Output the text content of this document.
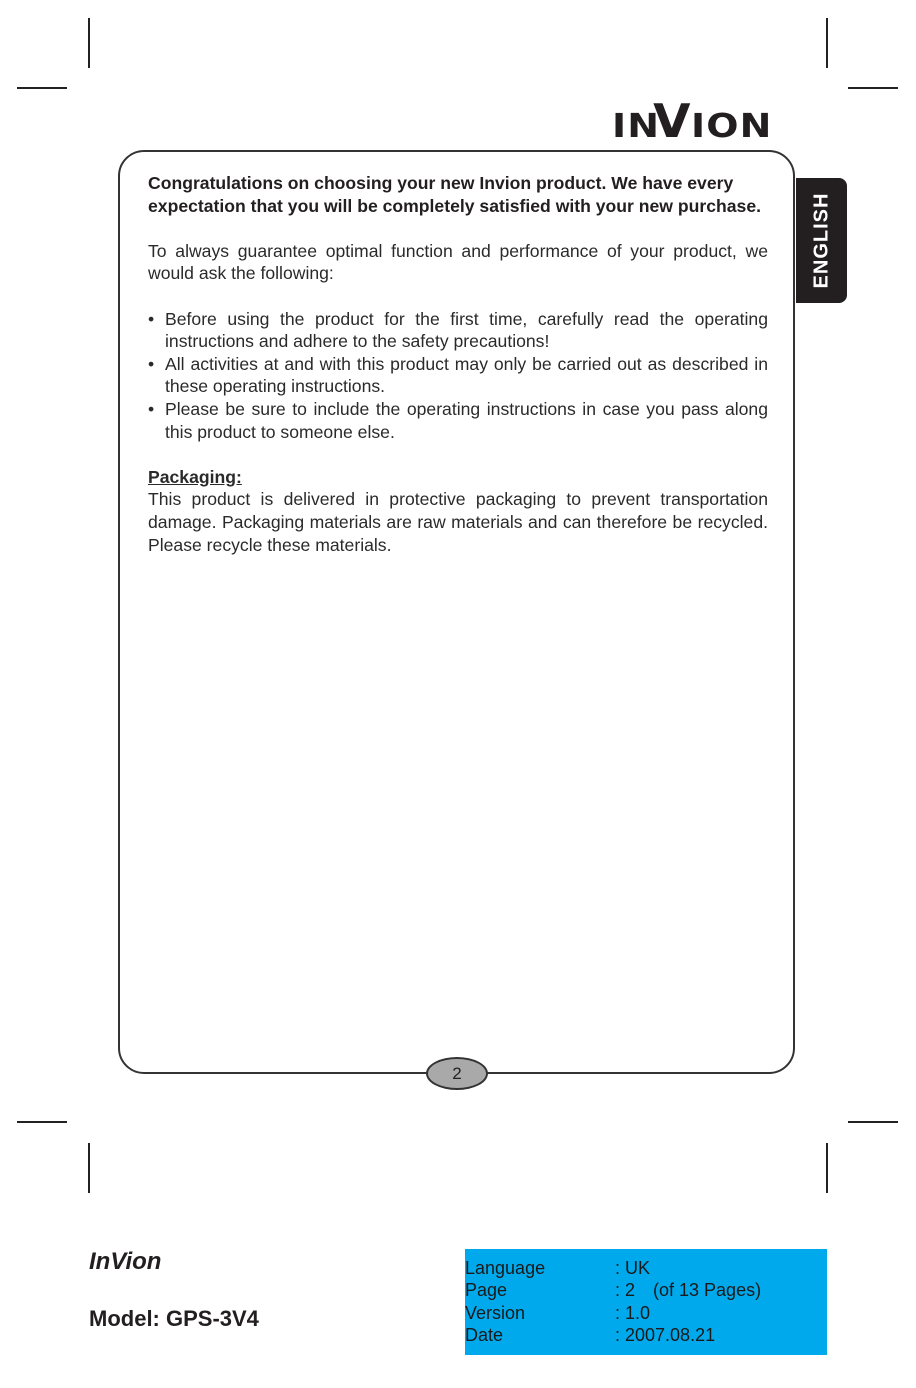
IN
V ION

Congratulations on choosing your new Invion product. We have every expectation that you will be completely satisfied with your new purchase.

To always guarantee optimal function and performance of your product, we would ask the following:

• Before using the product for the first time, carefully read the operating instructions and adhere to the safety precautions!
• All activities at and with this product may only be carried out as described in these operating instructions.
• Please be sure to include the operating instructions in case you pass along this product to someone else.

Packaging:

This product is delivered in protective packaging to prevent transportation damage. Packaging materials are raw materials and can therefore be recycled. Please recycle these materials.

ENGLISH
2
InVion
Model: GPS-3V4
Language	: UK
Page	: 2 (of 13 Pages)
Version	: 1.0
Date	: 2007.08.21
